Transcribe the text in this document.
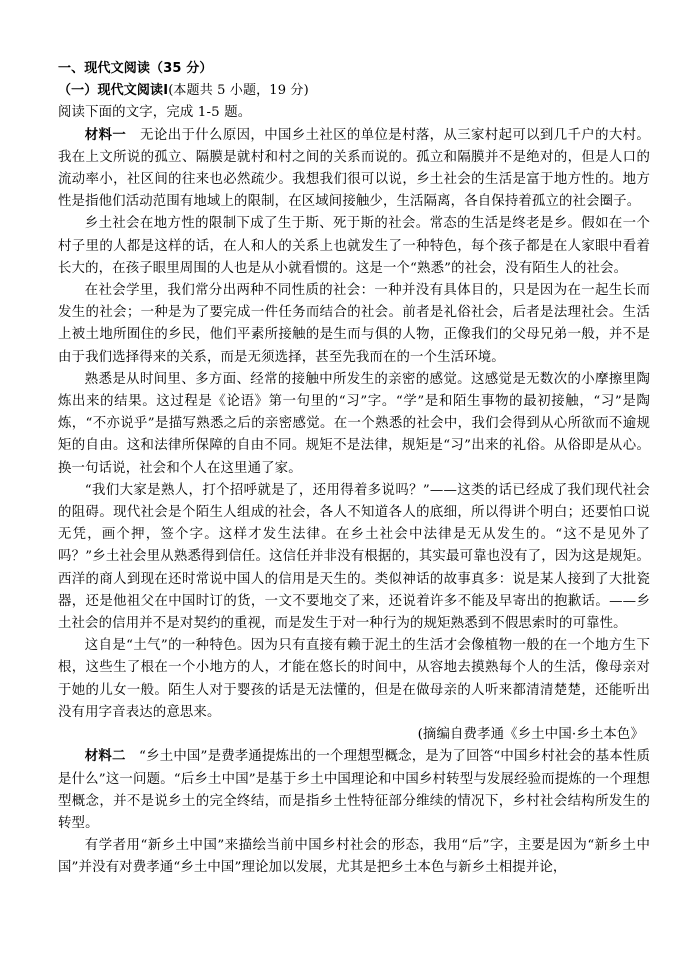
一、现代文阅读（35 分）
（一）现代文阅读Ⅰ(本题共 5 小题，19 分)

阅读下面的文字，完成 1-5 题。

材料一 无论出于什么原因，中国乡土社区的单位是村落，从三家村起可以到几千户的大村。我在上文所说的孤立、隔膜是就村和村之间的关系而说的。孤立和隔膜并不是绝对的，但是人口的流动率小，社区间的往来也必然疏少。我想我们很可以说，乡土社会的生活是富于地方性的。地方性是指他们活动范围有地域上的限制，在区域间接触少，生活隔离，各自保持着孤立的社会圈子。

乡土社会在地方性的限制下成了生于斯、死于斯的社会。常态的生活是终老是乡。假如在一个村子里的人都是这样的话，在人和人的关系上也就发生了一种特色，每个孩子都是在人家眼中看着长大的，在孩子眼里周围的人也是从小就看惯的。这是一个“熟悉”的社会，没有陌生人的社会。

在社会学里，我们常分出两种不同性质的社会：一种并没有具体目的，只是因为在一起生长而发生的社会；一种是为了要完成一件任务而结合的社会。前者是礼俗社会，后者是法理社会。生活上被土地所囿住的乡民，他们平素所接触的是生而与俱的人物，正像我们的父母兄弟一般，并不是由于我们选择得来的关系，而是无须选择，甚至先我而在的一个生活环境。

熟悉是从时间里、多方面、经常的接触中所发生的亲密的感觉。这感觉是无数次的小摩擦里陶炼出来的结果。这过程是《论语》第一句里的“习”字。“学”是和陌生事物的最初接触，“习”是陶炼，“不亦说乎”是描写熟悉之后的亲密感觉。在一个熟悉的社会中，我们会得到从心所欲而不逾规矩的自由。这和法律所保障的自由不同。规矩不是法律，规矩是“习”出来的礼俗。从俗即是从心。换一句话说，社会和个人在这里通了家。

“我们大家是熟人，打个招呼就是了，还用得着多说吗？”——这类的话已经成了我们现代社会的阻碍。现代社会是个陌生人组成的社会，各人不知道各人的底细，所以得讲个明白；还要怕口说无凭，画个押，签个字。这样才发生法律。在乡土社会中法律是无从发生的。“这不是见外了吗？”乡土社会里从熟悉得到信任。这信任并非没有根据的，其实最可靠也没有了，因为这是规矩。西洋的商人到现在还时常说中国人的信用是天生的。类似神话的故事真多：说是某人接到了大批瓷器，还是他祖父在中国时订的货，一文不要地交了来，还说着许多不能及早寄出的抱歉话。——乡土社会的信用并不是对契约的重视，而是发生于对一种行为的规矩熟悉到不假思索时的可靠性。

这自是“土气”的一种特色。因为只有直接有赖于泥土的生活才会像植物一般的在一个地方生下根，这些生了根在一个小地方的人，才能在悠长的时间中，从容地去摸熟每个人的生活，像母亲对于她的儿女一般。陌生人对于婴孩的话是无法懂的，但是在做母亲的人听来都清清楚楚，还能听出没有用字音表达的意思来。

(摘编自费孝通《乡土中国·乡土本色》

材料二 “乡土中国”是费孝通提炼出的一个理想型概念，是为了回答“中国乡村社会的基本性质是什么”这一问题。“后乡土中国”是基于乡土中国理论和中国乡村转型与发展经验而提炼的一个理想型概念，并不是说乡土的完全终结，而是指乡土性特征部分维续的情况下，乡村社会结构所发生的转型。

有学者用“新乡土中国”来描绘当前中国乡村社会的形态，我用“后”字，主要是因为“新乡土中国”并没有对费孝通“乡土中国”理论加以发展，尤其是把乡土本色与新乡土相提并论，
